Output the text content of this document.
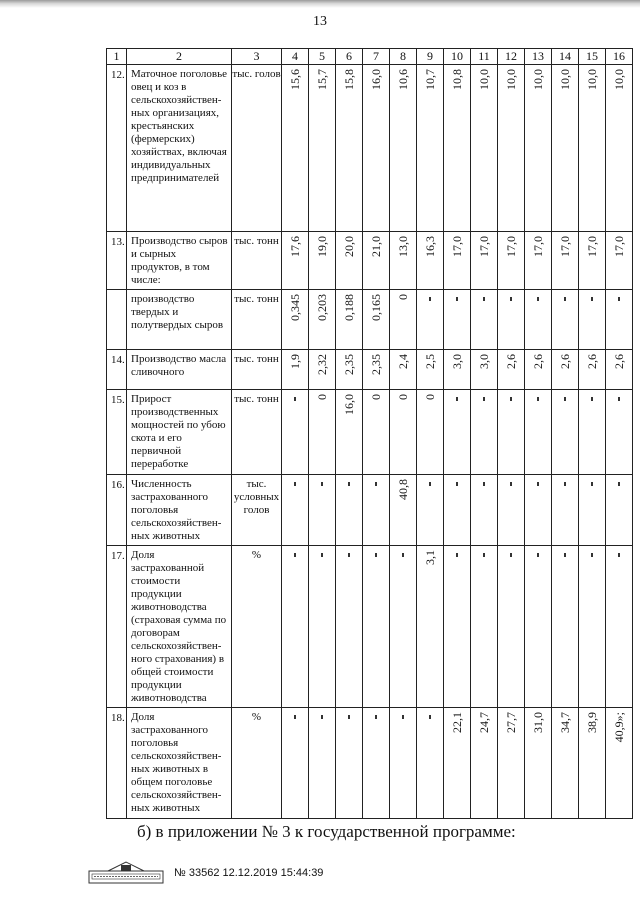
13
1	2	3	4	5	6	7	8	9	10	11	12	13	14	15	16
12.	Маточное поголовье овец и коз в сельскохозяйствен-ных организациях, крестьянских (фермерских) хозяйствах, включая индивидуальных предпринимателей	тыс. голов	15,6	15,7	15,8	16,0	10,6	10,7	10,8	10,0	10,0	10,0	10,0	10,0	10,0

13.	Производство сыров и сырных продуктов, в том числе:	тыс. тонн	17,6	19,0	20,0	21,0	13,0	16,3	17,0	17,0	17,0	17,0	17,0	17,0	17,0

	производство твердых и полутвердых сыров	тыс. тонн	0,345	0,203	0,188	0,165	0

14.	Производство масла сливочного	тыс. тонн	1,9	2,32	2,35	2,35	2,4	2,5	3,0	3,0	2,6	2,6	2,6	2,6	2,6

15.	Прирост производственных мощностей по убою скота и его первичной переработке	тыс. тонн		0	16,0	0	0	0

16.	Численность застрахованного поголовья сельскохозяйствен-ных животных	тыс. условных голов					40,8

17.	Доля застрахованной стоимости продукции животноводства (страховая сумма по договорам сельскохозяйствен-ного страхования) в общей стоимости продукции животноводства	%						3,1

18.	Доля застрахованного поголовья сельскохозяйствен-ных животных в общем поголовье сельскохозяйствен-ных животных	%							22,1	24,7	27,7	31,0	34,7	38,9	40,9»;
б) в приложении № 3 к государственной программе:
№ 33562 12.12.2019 15:44:39
